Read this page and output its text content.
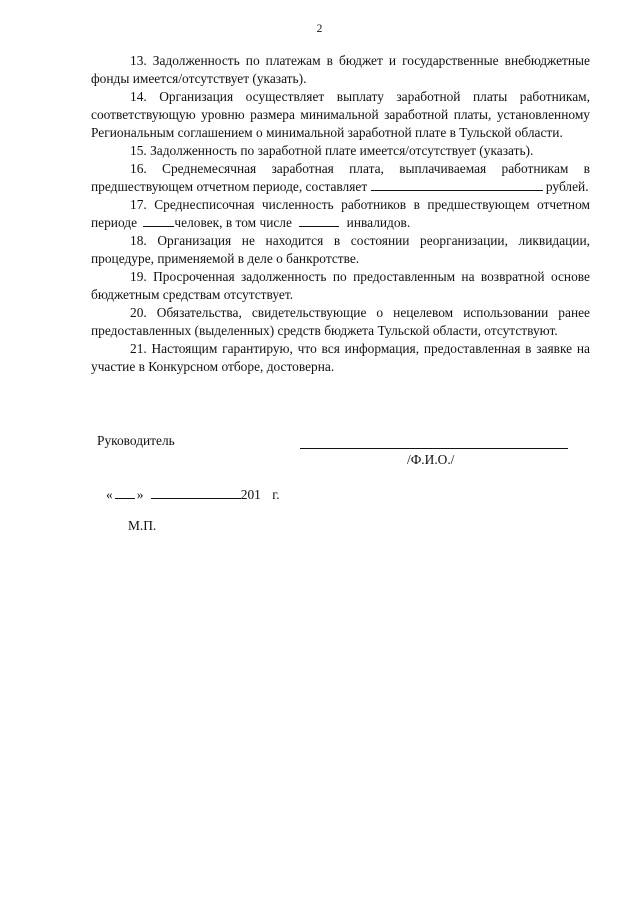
2

13. Задолженность по платежам в бюджет и государственные внебюджетные фонды имеется/отсутствует (указать).

14. Организация осуществляет выплату заработной платы работникам, соответствующую уровню размера минимальной заработной платы, установленному Региональным соглашением о минимальной заработной плате в Тульской области.

15. Задолженность по заработной плате имеется/отсутствует (указать).

16. Среднемесячная заработная плата, выплачиваемая работникам в предшествующем отчетном периоде, составляет	рублей.

17. Среднесписочная численность работников в предшествующем отчетном периоде	человек, в том числе	инвалидов.

18. Организация не находится в состоянии реорганизации, ликвидации, процедуре, применяемой в деле о банкротстве.

19. Просроченная задолженность по предоставленным на возвратной основе бюджетным средствам отсутствует.

20. Обязательства, свидетельствующие о нецелевом использовании ранее предоставленных (выделенных) средств бюджета Тульской области, отсутствуют.

21. Настоящим гарантирую, что вся информация, предоставленная в заявке на участие в Конкурсном отборе, достоверна.

Руководитель
/Ф.И.О./
« »	201 г.
М.П.
